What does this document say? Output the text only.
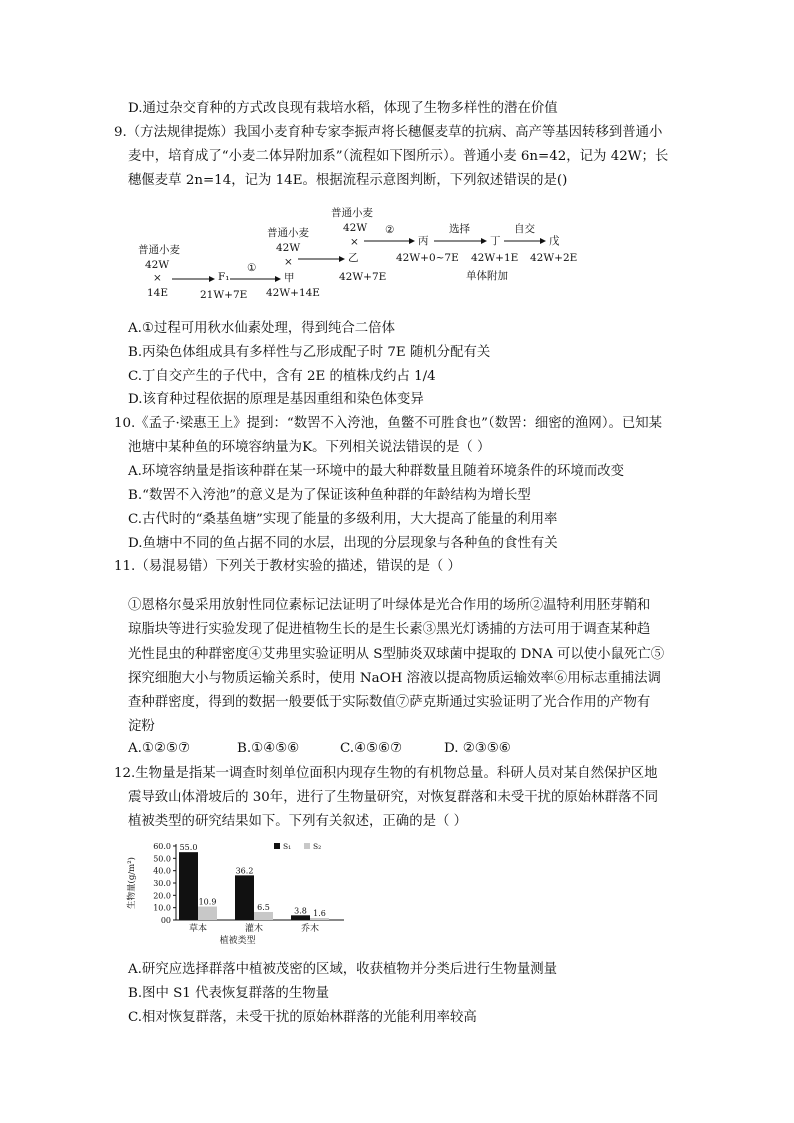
D.通过杂交育种的方式改良现有栽培水稻，体现了生物多样性的潜在价值
9.（方法规律提炼）我国小麦育种专家李振声将长穗偃麦草的抗病、高产等基因转移到普通小
麦中，培育成了“小麦二体异附加系”（流程如下图所示）。普通小麦 6n=42，记为 42W；长
穗偃麦草 2n=14，记为 14E。根据流程示意图判断，下列叙述错误的是()
普通小麦
42W
×
14E
F₁
21W+7E
①
普通小麦
42W
×
甲
42W+14E
普通小麦
42W
×
乙
42W+7E
②
丙
42W+0~7E
选择
丁
42W+1E
单体附加
自交
戊
42W+2E
A.①过程可用秋水仙素处理，得到纯合二倍体
B.丙染色体组成具有多样性与乙形成配子时 7E 随机分配有关
C.丁自交产生的子代中，含有 2E 的植株戊约占 1/4
D.该育种过程依据的原理是基因重组和染色体变异
10.《孟子·梁惠王上》提到：“数罟不入洿池，鱼鳖不可胜食也”（数罟：细密的渔网）。已知某
池塘中某种鱼的环境容纳量为K。下列相关说法错误的是（ ）
A.环境容纳量是指该种群在某一环境中的最大种群数量且随着环境条件的环境而改变
B.“数罟不入洿池”的意义是为了保证该种鱼种群的年龄结构为增长型
C.古代时的“桑基鱼塘”实现了能量的多级利用，大大提高了能量的利用率
D.鱼塘中不同的鱼占据不同的水层，出现的分层现象与各种鱼的食性有关
11.（易混易错）下列关于教材实验的描述，错误的是（ ）
①恩格尔曼采用放射性同位素标记法证明了叶绿体是光合作用的场所②温特利用胚芽鞘和
琼脂块等进行实验发现了促进植物生长的是生长素③黑光灯诱捕的方法可用于调查某种趋
光性昆虫的种群密度④艾弗里实验证明从 S型肺炎双球菌中提取的 DNA 可以使小鼠死亡⑤
探究细胞大小与物质运输关系时，使用 NaOH 溶液以提高物质运输效率⑥用标志重捕法调
查种群密度，得到的数据一般要低于实际数值⑦萨克斯通过实验证明了光合作用的产物有
淀粉
A.①②⑤⑦	B.①④⑤⑥	C.④⑤⑥⑦	D. ②③⑤⑥
12.生物量是指某一调查时刻单位面积内现存生物的有机物总量。科研人员对某自然保护区地
震导致山体滑坡后的 30年，进行了生物量研究，对恢复群落和未受干扰的原始林群落不同
植被类型的研究结果如下。下列有关叙述，正确的是（ ）
00
10.0
20.0
30.0
40.0
50.0
60.0
生物量(g/m²)
55.0
10.9
草本
36.2
6.5
灌木
3.8 1.6
乔木
植被类型
S₁	S₂
A.研究应选择群落中植被茂密的区域，收获植物并分类后进行生物量测量
B.图中 S1 代表恢复群落的生物量
C.相对恢复群落，未受干扰的原始林群落的光能利用率较高
